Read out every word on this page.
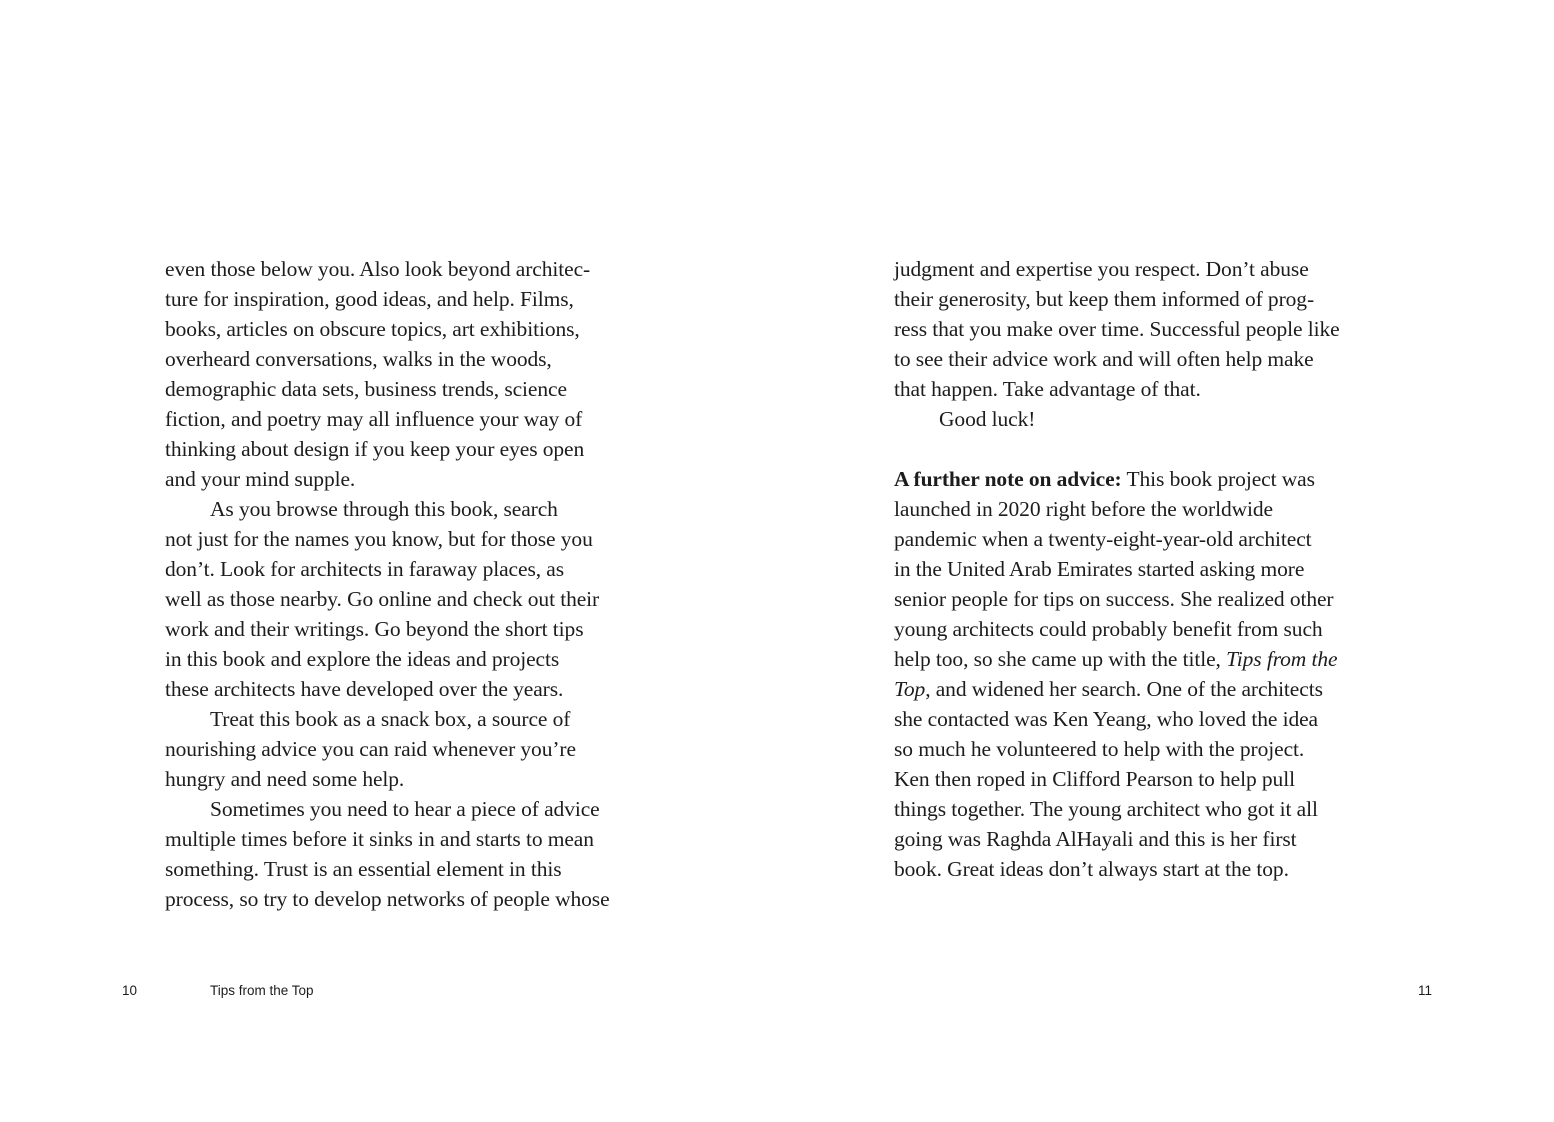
even those below you. Also look beyond architec-
ture for inspiration, good ideas, and help. Films,
books, articles on obscure topics, art exhibitions,
overheard conversations, walks in the woods,
demographic data sets, business trends, science
fiction, and poetry may all influence your way of
thinking about design if you keep your eyes open
and your mind supple.
As you browse through this book, search
not just for the names you know, but for those you
don’t. Look for architects in faraway places, as
well as those nearby. Go online and check out their
work and their writings. Go beyond the short tips
in this book and explore the ideas and projects
these architects have developed over the years.
Treat this book as a snack box, a source of
nourishing advice you can raid whenever you’re
hungry and need some help.
Sometimes you need to hear a piece of advice
multiple times before it sinks in and starts to mean
something. Trust is an essential element in this
process, so try to develop networks of people whose
10	Tips from the Top
judgment and expertise you respect. Don’t abuse
their generosity, but keep them informed of prog-
ress that you make over time. Successful people like
to see their advice work and will often help make
that happen. Take advantage of that.
Good luck!
A further note on advice: This book project was
launched in 2020 right before the worldwide
pandemic when a twenty-eight-year-old architect
in the United Arab Emirates started asking more
senior people for tips on success. She realized other
young architects could probably benefit from such
help too, so she came up with the title, Tips from the
Top, and widened her search. One of the architects
she contacted was Ken Yeang, who loved the idea
so much he volunteered to help with the project.
Ken then roped in Clifford Pearson to help pull
things together. The young architect who got it all
going was Raghda AlHayali and this is her first
book. Great ideas don’t always start at the top.
11
